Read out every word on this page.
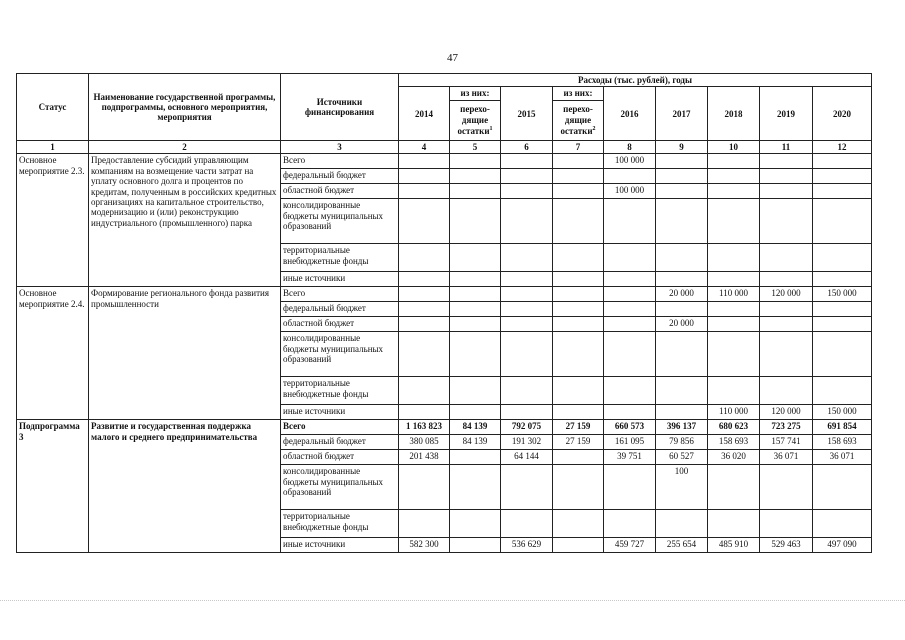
47
Статус	Наименование государственной программы, подпрограммы, основного мероприятия, мероприятия	Источники финансирования	Расходы (тыс. рублей), годы								
			2014	из них:	2015	из них:	2016	2017	2018	2019	2020
				перехо-дящие остатки$^1$		перехо-дящие остатки$^2$
1	2	3	4	5	6	7	8	9	10	11	12
Основное мероприятие 2.3.	Предоставление субсидий управляющим компаниям на возмещение части затрат на уплату основного долга и процентов по кредитам, полученным в российских кредитных организациях на капитальное строительство, модернизацию и (или) реконструкцию индустриального (промышленного) парка	Всего					100 000				
		федеральный бюджет									
		областной бюджет					100 000				
		консолидированные бюджеты муниципальных образований									
		территориальные внебюджетные фонды									
		иные источники									
Основное мероприятие 2.4.	Формирование регионального фонда развития промышленности	Всего						20 000	110 000	120 000	150 000
		федеральный бюджет									
		областной бюджет						20 000			
		консолидированные бюджеты муниципальных образований									
		территориальные внебюджетные фонды									
		иные источники							110 000	120 000	150 000
Подпрограмма 3	Развитие и государственная поддержка малого и среднего предпринимательства	Всего	1 163 823	84 139	792 075	27 159	660 573	396 137	680 623	723 275	691 854
		федеральный бюджет	380 085	84 139	191 302	27 159	161 095	79 856	158 693	157 741	158 693
		областной бюджет	201 438		64 144		39 751	60 527	36 020	36 071	36 071
		консолидированные бюджеты муниципальных образований						100			
		территориальные внебюджетные фонды									
		иные источники	582 300		536 629		459 727	255 654	485 910	529 463	497 090
